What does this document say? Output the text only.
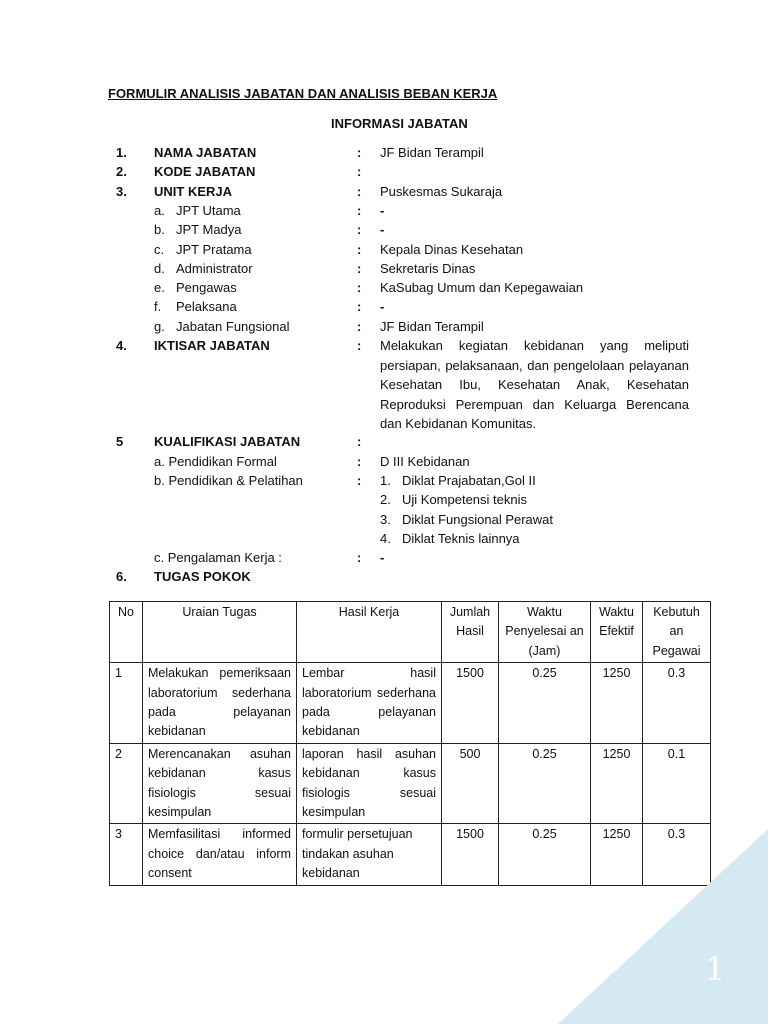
FORMULIR ANALISIS JABATAN DAN ANALISIS BEBAN KERJA
INFORMASI JABATAN
1. NAMA JABATAN	: JF Bidan Terampil
2. KODE JABATAN	:
3. UNIT KERJA	: Puskesmas Sukaraja
a. JPT Utama	: -
b. JPT Madya	: -
c. JPT Pratama	: Kepala Dinas Kesehatan
d. Administrator	: Sekretaris Dinas
e. Pengawas	: KaSubag Umum dan Kepegawaian
f. Pelaksana	: -
g. Jabatan Fungsional	: JF Bidan Terampil
4. IKTISAR JABATAN	: Melakukan kegiatan kebidanan yang meliputi persiapan, pelaksanaan, dan pengelolaan pelayanan Kesehatan Ibu, Kesehatan Anak, Kesehatan Reproduksi Perempuan dan Keluarga Berencana dan Kebidanan Komunitas.
5 KUALIFIKASI JABATAN	:
a. Pendidikan Formal	: D III Kebidanan
b. Pendidikan & Pelatihan	: 1. Diklat Prajabatan,Gol II
2. Uji Kompetensi teknis
3. Diklat Fungsional Perawat
4. Diklat Teknis lainnya
c. Pengalaman Kerja :	: -
6. TUGAS POKOK
No	Uraian Tugas	Hasil Kerja	Jumlah Hasil	Waktu Penyelesai an (Jam)	Waktu Efektif	Kebutuh an Pegawai
1	Melakukan pemeriksaan laboratorium sederhana pada pelayanan kebidanan	Lembar hasil laboratorium sederhana pada pelayanan kebidanan	1500	0.25	1250	0.3
2	Merencanakan asuhan kebidanan kasus fisiologis sesuai kesimpulan	laporan hasil asuhan kebidanan kasus fisiologis sesuai kesimpulan	500	0.25	1250	0.1
3	Memfasilitasi informed choice dan/atau inform consent	formulir persetujuan tindakan asuhan kebidanan	1500	0.25	1250	0.3
1
